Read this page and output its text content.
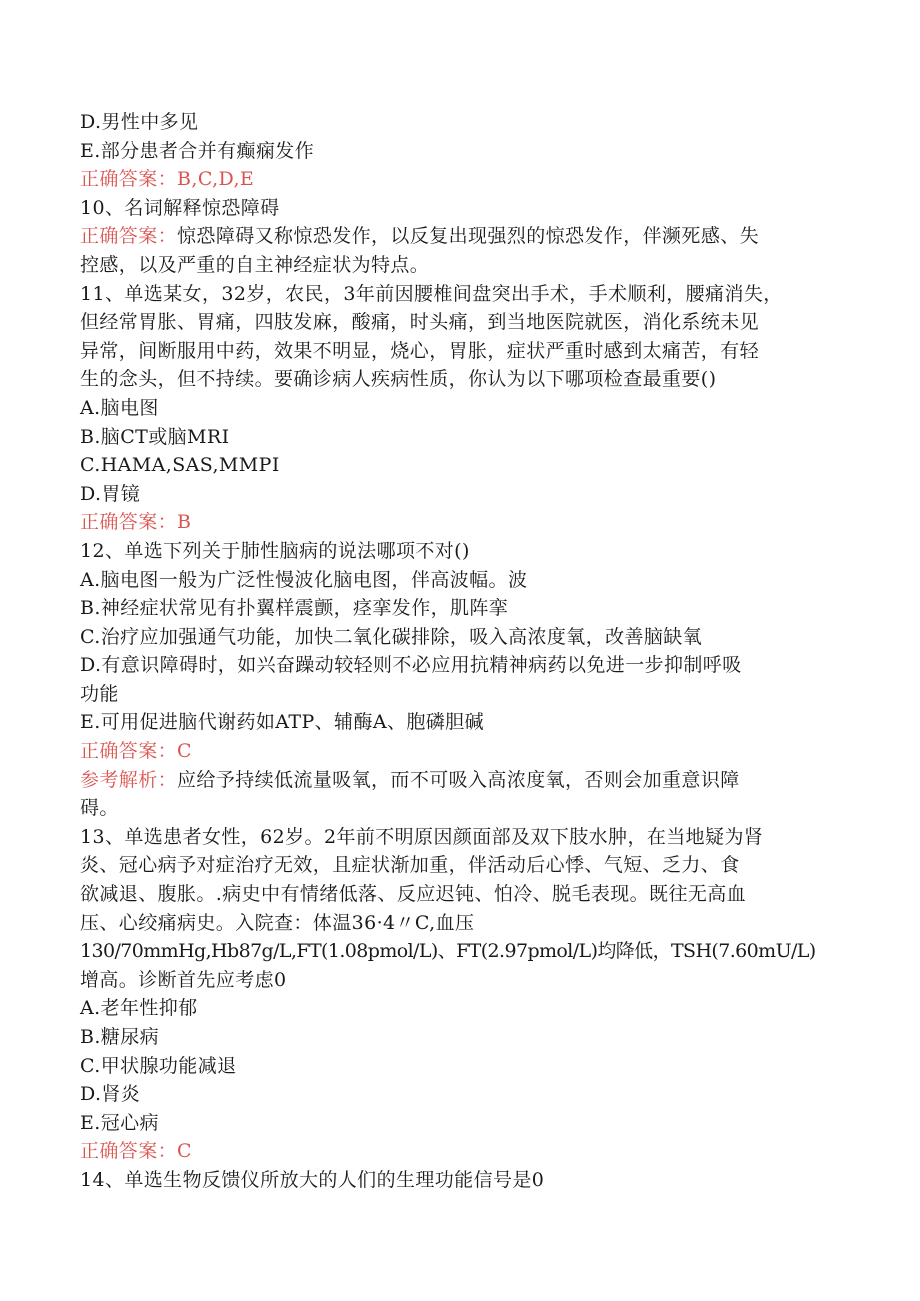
D.男性中多见
E.部分患者合并有癫痫发作
正确答案：B,C,D,E
10、名词解释惊恐障碍
正确答案：惊恐障碍又称惊恐发作，以反复出现强烈的惊恐发作，伴濒死感、失
控感，以及严重的自主神经症状为特点。
11、单选某女，32岁，农民，3年前因腰椎间盘突出手术，手术顺利，腰痛消失，
但经常胃胀、胃痛，四肢发麻，酸痛，时头痛，到当地医院就医，消化系统未见
异常，间断服用中药，效果不明显，烧心，胃胀，症状严重时感到太痛苦，有轻
生的念头，但不持续。要确诊病人疾病性质，你认为以下哪项检查最重要()
A.脑电图
B.脑CT或脑MRI
C.HAMA,SAS,MMPI
D.胃镜
正确答案：B
12、单选下列关于肺性脑病的说法哪项不对()
A.脑电图一般为广泛性慢波化脑电图，伴高波幅。波
B.神经症状常见有扑翼样震颤，痉挛发作，肌阵挛
C.治疗应加强通气功能，加快二氧化碳排除，吸入高浓度氧，改善脑缺氧
D.有意识障碍时，如兴奋躁动较轻则不必应用抗精神病药以免进一步抑制呼吸
功能
E.可用促进脑代谢药如ATP、辅酶A、胞磷胆碱
正确答案：C
参考解析：应给予持续低流量吸氧，而不可吸入高浓度氧，否则会加重意识障
碍。
13、单选患者女性，62岁。2年前不明原因颜面部及双下肢水肿，在当地疑为肾
炎、冠心病予对症治疗无效，且症状渐加重，伴活动后心悸、气短、乏力、食
欲减退、腹胀。.病史中有情绪低落、反应迟钝、怕冷、脱毛表现。既往无高血
压、心绞痛病史。入院查：体温36·4〃C,血压
130/70mmHg,Hb87g/L,FT(1.08pmol/L)、FT(2.97pmol/L)均降低，TSH(7.60mU/L)
增高。诊断首先应考虑0
A.老年性抑郁
B.糖尿病
C.甲状腺功能减退
D.肾炎
E.冠心病
正确答案：C
14、单选生物反馈仪所放大的人们的生理功能信号是0
